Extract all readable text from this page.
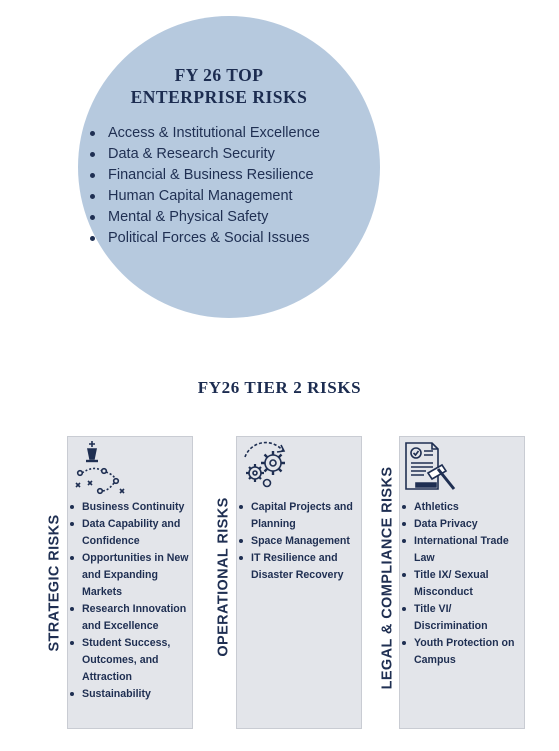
FY 26 TOP
ENTERPRISE RISKS
Access & Institutional Excellence
Data & Research Security
Financial & Business Resilience
Human Capital Management
Mental & Physical Safety
Political Forces & Social Issues
FY26 TIER 2 RISKS
STRATEGIC RISKS
Business Continuity
Data Capability and Confidence
Opportunities in New and Expanding Markets
Research Innovation and Excellence
Student Success, Outcomes, and Attraction
Sustainability
OPERATIONAL RISKS	Capital Projects and Planning
Space Management
IT Resilience and Disaster Recovery	LEGAL & COMPLIANCE RISKS	Athletics
Data Privacy
International Trade Law
Title IX/ Sexual Misconduct
Title VI/ Discrimination
Youth Protection on Campus
